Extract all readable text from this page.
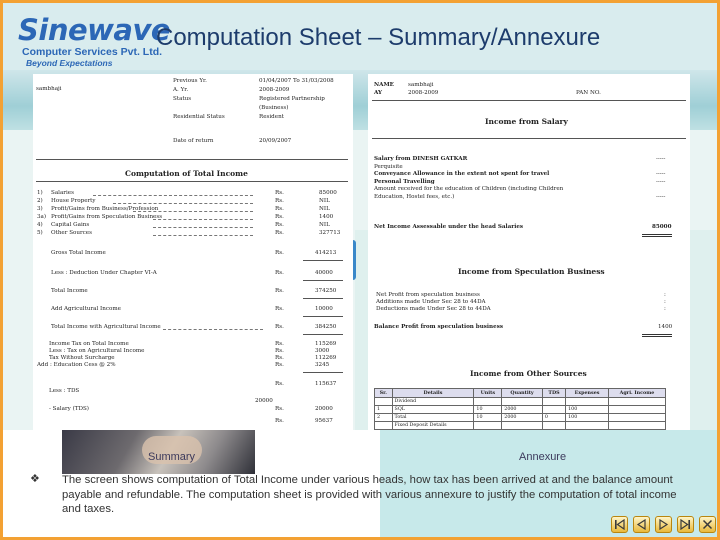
Sinewave
Computer Services Pvt. Ltd.
Beyond Expectations
Computation Sheet – Summary/Annexure
sambhaji
Previous Yr.	01/04/2007 To 31/03/2008
A. Yr.	2008-2009
Status	Registered Partnership
(Business)
Residential Status	Resident
Date of return	20/09/2007
Computation of Total Income
1) Salaries	Rs.	85000
2) House Property	Rs.	NIL
3) Profit/Gains from Business/Profession	Rs.	NIL
3a) Profit/Gains from Speculation Business	Rs.	1400
4) Capital Gains	Rs.	NIL
5) Other Sources	Rs.	327713
Gross Total Income	Rs.	414213
Less : Deduction Under Chapter VI-A	Rs.	40000
Total Income	Rs.	374250
Add Agricultural Income	Rs.	10000
Total Income with Agricultural Income	Rs.	384250
Income Tax on Total Income	Rs.	115269
Less : Tax on Agricultural Income	Rs.	3000
Tax Without Surcharge	Rs.	112269
Add : Education Cess @ 2%	Rs.	3245
Rs.	115637
Less : TDS
- Salary (TDS)	Rs.	20000
Rs.	95637
20000
NAME	sambhaji
AY	2008-2009	PAN NO.
Income from Salary
Salary from DINESH GATKAR	-----
Perquisite
Conveyance Allowance in the extent not spent for travel	-----
Personal Travelling	-----
Amount received for the education of Children (including Children
Education, Hostel fees, etc.)	-----
Net Income Assessable under the head Salaries	85000
Income from Speculation Business
Net Profit from speculation business	:
Additions made Under Sec 28 to 44DA	:
Deductions made Under Sec 28 to 44DA	:
Balance Profit from speculation business	1400
Income from Other Sources
Sr.	Details	Units	Quantity	TDS	Expenses	Agri. Income
	Dividend					
1	SQL	10	2000		100	
2	Total	10	2000	0	100	
	Fixed Deposit Details					
Summary	Annexure
❖ The screen shows computation of Total Income under various heads, how tax has been arrived at and the balance amount payable and refundable. The computation sheet is provided with various annexure to justify the computation of total income and taxes.
